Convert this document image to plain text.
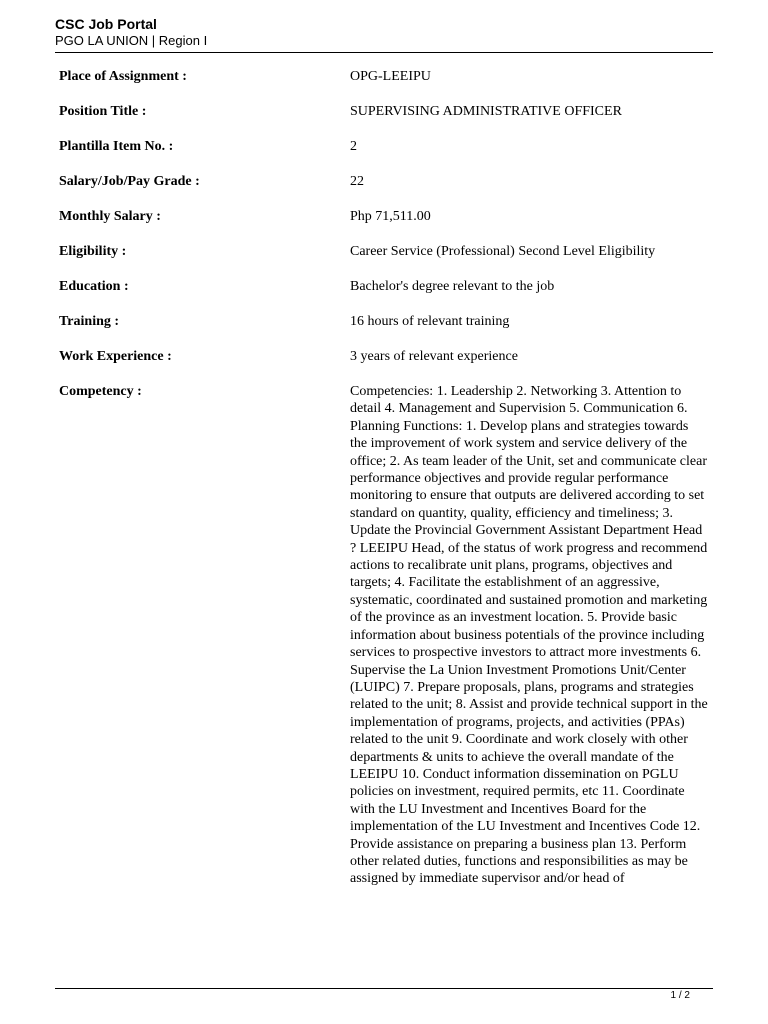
CSC Job Portal
PGO LA UNION | Region I
Place of Assignment :	OPG-LEEIPU
Position Title :	SUPERVISING ADMINISTRATIVE OFFICER
Plantilla Item No. :	2
Salary/Job/Pay Grade :	22
Monthly Salary :	Php 71,511.00
Eligibility :	Career Service (Professional) Second Level Eligibility
Education :	Bachelor's degree relevant to the job
Training :	16 hours of relevant training
Work Experience :	3 years of relevant experience
Competency :	Competencies: 1. Leadership 2. Networking 3. Attention to detail 4. Management and Supervision 5. Communication 6. Planning Functions: 1. Develop plans and strategies towards the improvement of work system and service delivery of the office; 2. As team leader of the Unit, set and communicate clear performance objectives and provide regular performance monitoring to ensure that outputs are delivered according to set standard on quantity, quality, efficiency and timeliness; 3. Update the Provincial Government Assistant Department Head ? LEEIPU Head, of the status of work progress and recommend actions to recalibrate unit plans, programs, objectives and targets; 4. Facilitate the establishment of an aggressive, systematic, coordinated and sustained promotion and marketing of the province as an investment location. 5. Provide basic information about business potentials of the province including services to prospective investors to attract more investments 6. Supervise the La Union Investment Promotions Unit/Center (LUIPC) 7. Prepare proposals, plans, programs and strategies related to the unit; 8. Assist and provide technical support in the implementation of programs, projects, and activities (PPAs) related to the unit 9. Coordinate and work closely with other departments & units to achieve the overall mandate of the LEEIPU 10. Conduct information dissemination on PGLU policies on investment, required permits, etc 11. Coordinate with the LU Investment and Incentives Board for the implementation of the LU Investment and Incentives Code 12. Provide assistance on preparing a business plan 13. Perform other related duties, functions and responsibilities as may be assigned by immediate supervisor and/or head of
1 / 2
